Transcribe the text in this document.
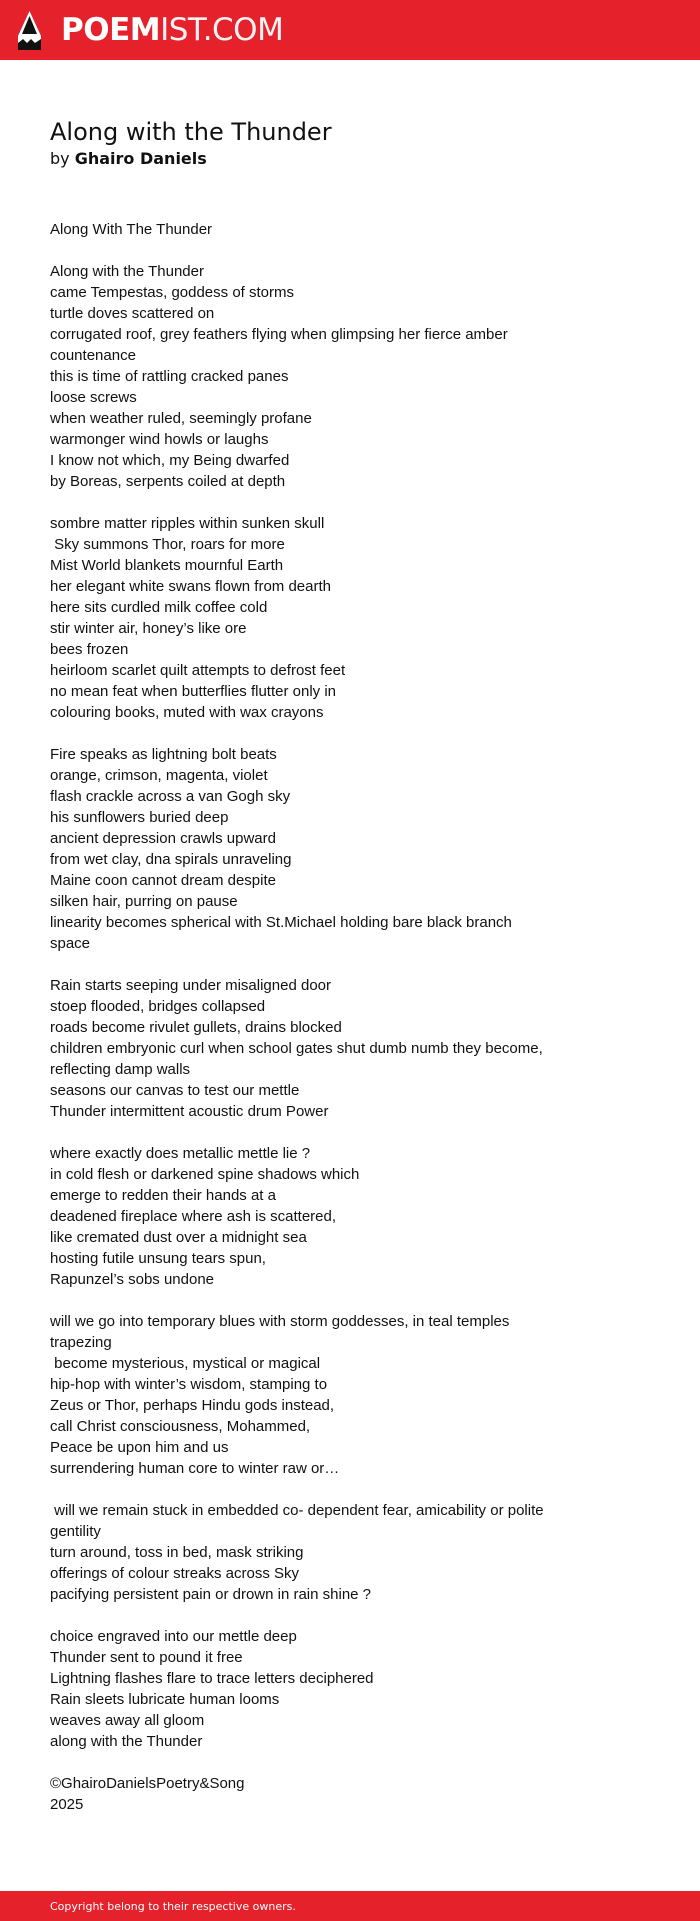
POEMIST.COM
Along with the Thunder
by Ghairo Daniels
Along With The Thunder
Along with the Thunder
came Tempestas, goddess of storms
turtle doves scattered on
corrugated roof, grey feathers flying when glimpsing her fierce amber
countenance
this is time of rattling cracked panes
loose screws
when weather ruled, seemingly profane
warmonger wind howls or laughs
I know not which, my Being dwarfed
by Boreas, serpents coiled at depth
sombre matter ripples within sunken skull
Sky summons Thor, roars for more
Mist World blankets mournful Earth
her elegant white swans flown from dearth
here sits curdled milk coffee cold
stir winter air, honey’s like ore
bees frozen
heirloom scarlet quilt attempts to defrost feet
no mean feat when butterflies flutter only in
colouring books, muted with wax crayons
Fire speaks as lightning bolt beats
orange, crimson, magenta, violet
flash crackle across a van Gogh sky
his sunflowers buried deep
ancient depression crawls upward
from wet clay, dna spirals unraveling
Maine coon cannot dream despite
silken hair, purring on pause
linearity becomes spherical with St.Michael holding bare black branch
space
Rain starts seeping under misaligned door
stoep flooded, bridges collapsed
roads become rivulet gullets, drains blocked
children embryonic curl when school gates shut dumb numb they become,
reflecting damp walls
seasons our canvas to test our mettle
Thunder intermittent acoustic drum Power
where exactly does metallic mettle lie ?
in cold flesh or darkened spine shadows which
emerge to redden their hands at a
deadened fireplace where ash is scattered,
like cremated dust over a midnight sea
hosting futile unsung tears spun,
Rapunzel’s sobs undone
will we go into temporary blues with storm goddesses, in teal temples
trapezing
become mysterious, mystical or magical
hip-hop with winter’s wisdom, stamping to
Zeus or Thor, perhaps Hindu gods instead,
call Christ consciousness, Mohammed,
Peace be upon him and us
surrendering human core to winter raw or…
will we remain stuck in embedded co- dependent fear, amicability or polite
gentility
turn around, toss in bed, mask striking
offerings of colour streaks across Sky
pacifying persistent pain or drown in rain shine ?
choice engraved into our mettle deep
Thunder sent to pound it free
Lightning flashes flare to trace letters deciphered
Rain sleets lubricate human looms
weaves away all gloom
along with the Thunder
©GhairoDanielsPoetry&Song
2025
Copyright belong to their respective owners.
